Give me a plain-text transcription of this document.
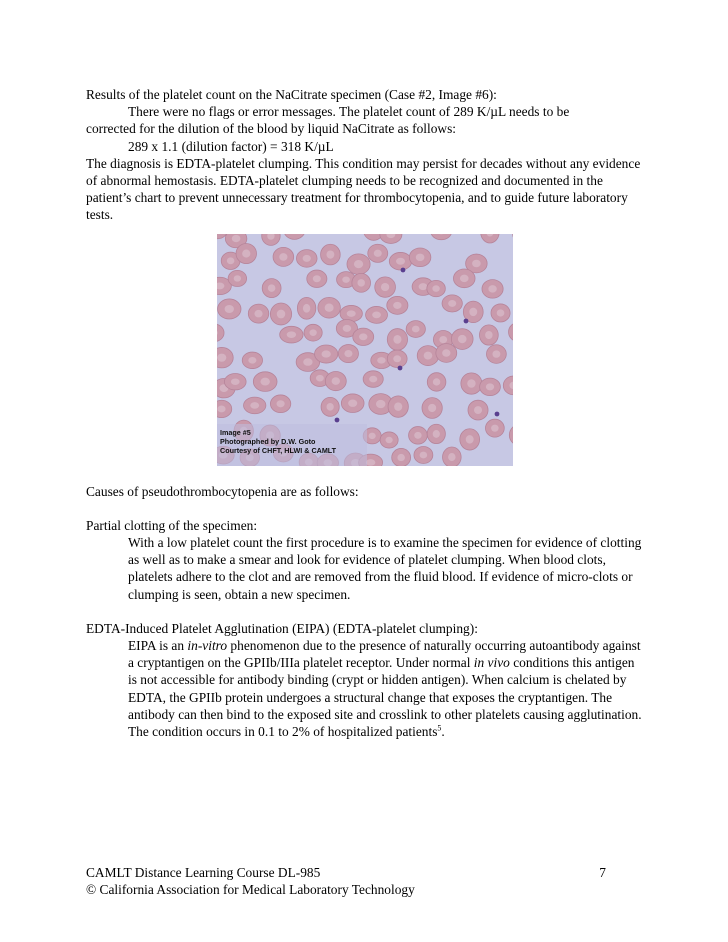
Results of the platelet count on the NaCitrate specimen (Case #2, Image #6):

There were no flags or error messages. The platelet count of 289 K/µL needs to be

corrected for the dilution of the blood by liquid NaCitrate as follows:

289 x 1.1 (dilution factor) = 318 K/µL

The diagnosis is EDTA-platelet clumping. This condition may persist for decades without any evidence of abnormal hemostasis. EDTA-platelet clumping needs to be recognized and documented in the patient’s chart to prevent unnecessary treatment for thrombocytopenia, and to guide future laboratory tests.

Image #5
Photographed by D.W. Goto
Courtesy of CHFT, HLWI & CAMLT

Causes of pseudothrombocytopenia are as follows:

Partial clotting of the specimen:

With a low platelet count the first procedure is to examine the specimen for evidence of clotting as well as to make a smear and look for evidence of platelet clumping. When blood clots, platelets adhere to the clot and are removed from the fluid blood. If evidence of micro-clots or clumping is seen, obtain a new specimen.

EDTA-Induced Platelet Agglutination (EIPA) (EDTA-platelet clumping):

EIPA is an in-vitro phenomenon due to the presence of naturally occurring autoantibody against a cryptantigen on the GPIIb/IIIa platelet receptor. Under normal in vivo conditions this antigen is not accessible for antibody binding (crypt or hidden antigen). When calcium is chelated by EDTA, the GPIIb protein undergoes a structural change that exposes the cryptantigen. The antibody can then bind to the exposed site and crosslink to other platelets causing agglutination. The condition occurs in 0.1 to 2% of hospitalized patients$^5$.

CAMLT Distance Learning Course DL-985	7
© California Association for Medical Laboratory Technology
